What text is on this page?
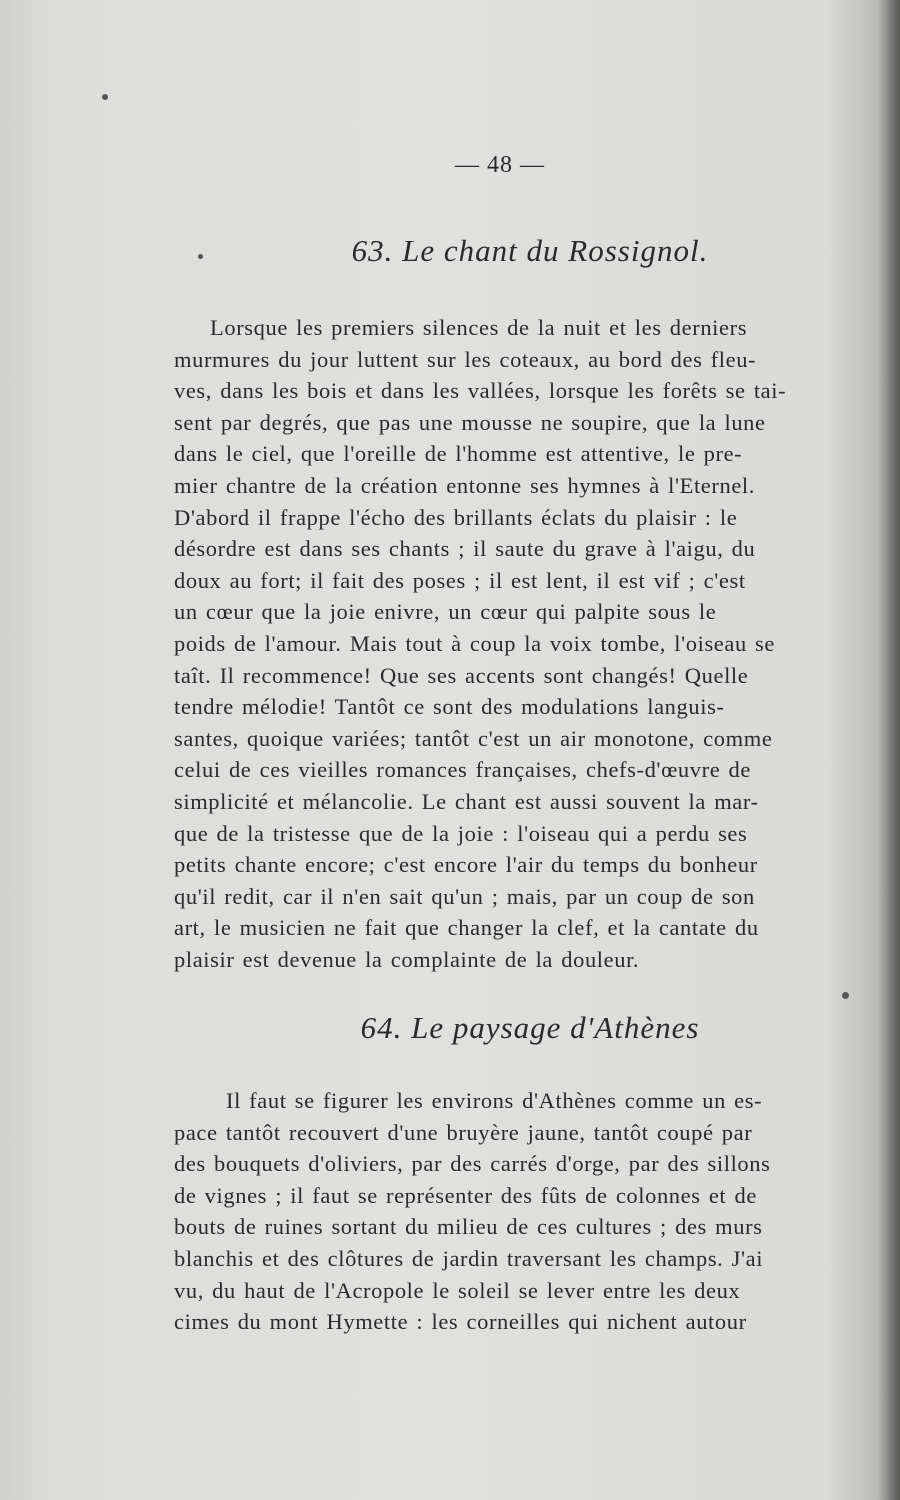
— 48 —
63. Le chant du Rossignol.
Lorsque les premiers silences de la nuit et les derniers
murmures du jour luttent sur les coteaux, au bord des fleu-
ves, dans les bois et dans les vallées, lorsque les forêts se tai-
sent par degrés, que pas une mousse ne soupire, que la lune
dans le ciel, que l'oreille de l'homme est attentive, le pre-
mier chantre de la création entonne ses hymnes à l'Eternel.
D'abord il frappe l'écho des brillants éclats du plaisir : le
désordre est dans ses chants ; il saute du grave à l'aigu, du
doux au fort; il fait des poses ; il est lent, il est vif ; c'est
un cœur que la joie enivre, un cœur qui palpite sous le
poids de l'amour. Mais tout à coup la voix tombe, l'oiseau se
taît. Il recommence! Que ses accents sont changés! Quelle
tendre mélodie! Tantôt ce sont des modulations languis-
santes, quoique variées; tantôt c'est un air monotone, comme
celui de ces vieilles romances françaises, chefs-d'œuvre de
simplicité et mélancolie. Le chant est aussi souvent la mar-
que de la tristesse que de la joie : l'oiseau qui a perdu ses
petits chante encore; c'est encore l'air du temps du bonheur
qu'il redit, car il n'en sait qu'un ; mais, par un coup de son
art, le musicien ne fait que changer la clef, et la cantate du
plaisir est devenue la complainte de la douleur.
64. Le paysage d'Athènes
Il faut se figurer les environs d'Athènes comme un es-
pace tantôt recouvert d'une bruyère jaune, tantôt coupé par
des bouquets d'oliviers, par des carrés d'orge, par des sillons
de vignes ; il faut se représenter des fûts de colonnes et de
bouts de ruines sortant du milieu de ces cultures ; des murs
blanchis et des clôtures de jardin traversant les champs. J'ai
vu, du haut de l'Acropole le soleil se lever entre les deux
cimes du mont Hymette : les corneilles qui nichent autour
